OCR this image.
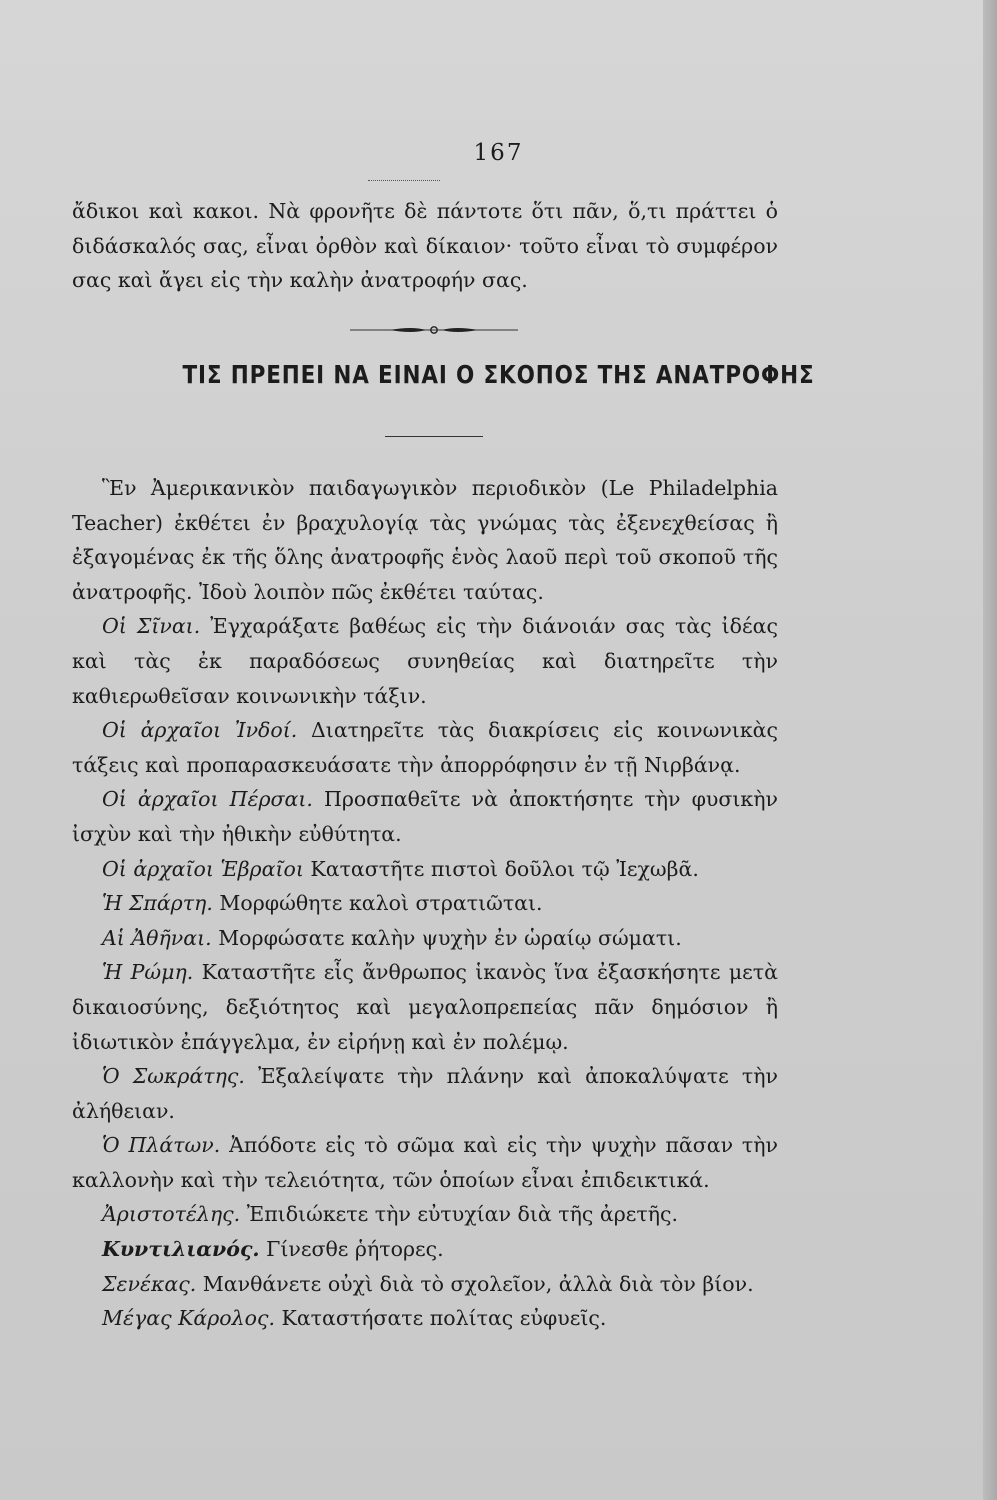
167

ἄδικοι καὶ κακοι. Νὰ φρονῆτε δὲ πάντοτε ὅτι πᾶν, ὅ,τι πράττει ὁ διδάσκαλός σας, εἶναι ὀρθὸν καὶ δίκαιον· τοῦτο εἶναι τὸ συμφέρον σας καὶ ἄγει εἰς τὴν καλὴν ἀνατροφήν σας.

ΤΙΣ ΠΡΕΠΕΙ ΝΑ ΕΙΝΑΙ Ο ΣΚΟΠΟΣ ΤΗΣ ΑΝΑΤΡΟΦΗΣ

Ἓν Ἀμερικανικὸν παιδαγωγικὸν περιοδικὸν (Le Philadelphia Teacher) ἐκθέτει ἐν βραχυλογίᾳ τὰς γνώμας τὰς ἐξενεχθείσας ἢ ἐξαγομένας ἐκ τῆς ὅλης ἀνατροφῆς ἑνὸς λαοῦ περὶ τοῦ σκοποῦ τῆς ἀνατροφῆς. Ἰδοὺ λοιπὸν πῶς ἐκθέτει ταύτας.

Οἱ Σῖναι. Ἐγχαράξατε βαθέως εἰς τὴν διάνοιάν σας τὰς ἰδέας καὶ τὰς ἐκ παραδόσεως συνηθείας καὶ διατηρεῖτε τὴν καθιερωθεῖσαν κοινωνικὴν τάξιν.

Οἱ ἀρχαῖοι Ἰνδοί. Διατηρεῖτε τὰς διακρίσεις εἰς κοινωνικὰς τάξεις καὶ προπαρασκευάσατε τὴν ἀπορρόφησιν ἐν τῇ Νιρβάνᾳ.

Οἱ ἀρχαῖοι Πέρσαι. Προσπαθεῖτε νὰ ἀποκτήσητε τὴν φυσικὴν ἰσχὺν καὶ τὴν ἠθικὴν εὐθύτητα.

Οἱ ἀρχαῖοι Ἑβραῖοι Καταστῆτε πιστοὶ δοῦλοι τῷ Ἰεχωβᾶ.

Ἡ Σπάρτη. Μορφώθητε καλοὶ στρατιῶται.

Αἱ Ἀθῆναι. Μορφώσατε καλὴν ψυχὴν ἐν ὡραίῳ σώματι.

Ἡ Ρώμη. Καταστῆτε εἷς ἄνθρωπος ἱκανὸς ἵνα ἐξασκήσητε μετὰ δικαιοσύνης, δεξιότητος καὶ μεγαλοπρεπείας πᾶν δημόσιον ἢ ἰδιωτικὸν ἐπάγγελμα, ἐν εἰρήνῃ καὶ ἐν πολέμῳ.

Ὁ Σωκράτης. Ἐξαλείψατε τὴν πλάνην καὶ ἀποκαλύψατε τὴν ἀλήθειαν.

Ὁ Πλάτων. Ἀπόδοτε εἰς τὸ σῶμα καὶ εἰς τὴν ψυχὴν πᾶσαν τὴν καλλονὴν καὶ τὴν τελειότητα, τῶν ὁποίων εἶναι ἐπιδεικτικά.

Ἀριστοτέλης. Ἐπιδιώκετε τὴν εὐτυχίαν διὰ τῆς ἀρετῆς.

Κυντιλιανός. Γίνεσθε ῥήτορες.

Σενέκας. Μανθάνετε οὐχὶ διὰ τὸ σχολεῖον, ἀλλὰ διὰ τὸν βίον.

Μέγας Κάρολος. Καταστήσατε πολίτας εὐφυεῖς.
